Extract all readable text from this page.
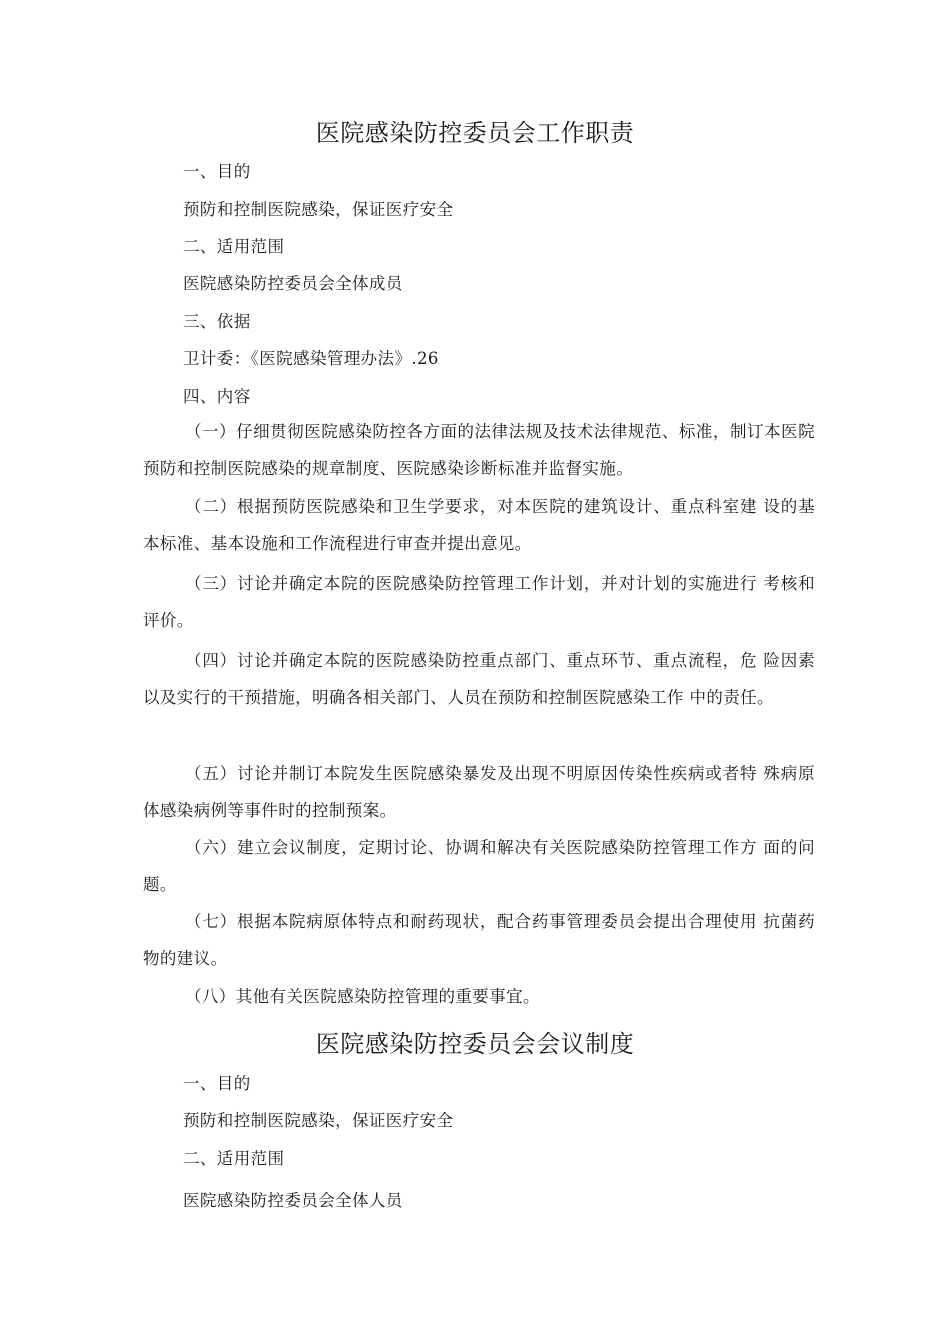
医院感染防控委员会工作职责
一、目的
预防和控制医院感染，保证医疗安全
二、适用范围
医院感染防控委员会全体成员
三、依据
卫计委：《医院感染管理办法》.26
四、内容
（一）仔细贯彻医院感染防控各方面的法律法规及技术法律规范、标准，制订本医院预防和控制医院感染的规章制度、医院感染诊断标准并监督实施。
（二）根据预防医院感染和卫生学要求，对本医院的建筑设计、重点科室建 设的基本标准、基本设施和工作流程进行审查并提出意见。
（三）讨论并确定本院的医院感染防控管理工作计划，并对计划的实施进行 考核和评价。
（四）讨论并确定本院的医院感染防控重点部门、重点环节、重点流程，危 险因素以及实行的干预措施，明确各相关部门、人员在预防和控制医院感染工作 中的责任。
（五）讨论并制订本院发生医院感染暴发及出现不明原因传染性疾病或者特 殊病原体感染病例等事件时的控制预案。
（六）建立会议制度，定期讨论、协调和解决有关医院感染防控管理工作方 面的问题。
（七）根据本院病原体特点和耐药现状，配合药事管理委员会提出合理使用 抗菌药物的建议。
（八）其他有关医院感染防控管理的重要事宜。
医院感染防控委员会会议制度
一、目的
预防和控制医院感染，保证医疗安全
二、适用范围
医院感染防控委员会全体人员
